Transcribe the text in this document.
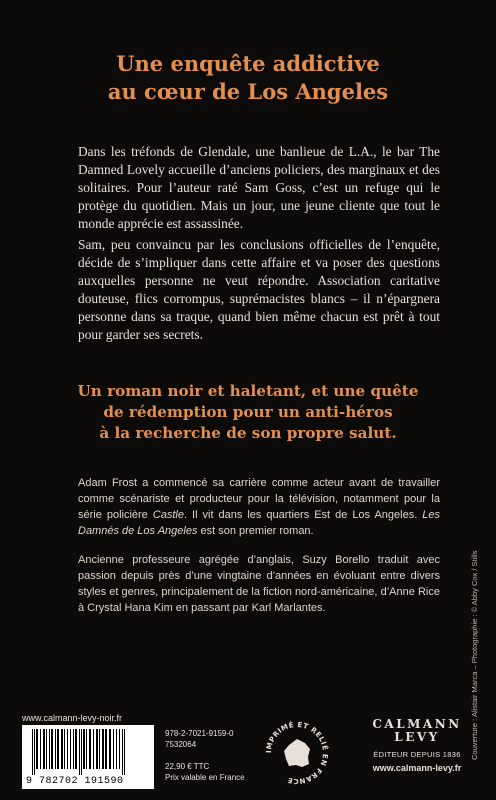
Une enquête addictive
au cœur de Los Angeles

Dans les tréfonds de Glendale, une banlieue de L.A., le bar The Damned Lovely accueille d’anciens policiers, des marginaux et des solitaires. Pour l’auteur raté Sam Goss, c’est un refuge qui le protège du quotidien. Mais un jour, une jeune cliente que tout le monde apprécie est assassinée.

Sam, peu convaincu par les conclusions officielles de l’enquête, décide de s’impliquer dans cette affaire et va poser des questions auxquelles personne ne veut répondre. Association caritative douteuse, flics corrompus, suprémacistes blancs – il n’épargnera personne dans sa traque, quand bien même chacun est prêt à tout pour garder ses secrets.

Un roman noir et haletant, et une quête
de rédemption pour un anti-héros
à la recherche de son propre salut.

Adam Frost a commencé sa carrière comme acteur avant de travailler comme scénariste et producteur pour la télévision, notamment pour la série policière Castle. Il vit dans les quartiers Est de Los Angeles. Les Damnés de Los Angeles est son premier roman.

Ancienne professeure agrégée d’anglais, Suzy Borello traduit avec passion depuis près d’une vingtaine d’années en évoluant entre divers styles et genres, principalement de la fiction nord-américaine, d’Anne Rice à Crystal Hana Kim en passant par Karl Marlantes.	Couverture : Alistair Marca – Photographie : © Abby Cox / Stills
www.calmann-levy-noir.fr
9 782702 191590
978-2-7021-9159-0
7532064
22,90 € TTC
Prix valable en France
IMPRIMÉ ET RELIÉ EN FRANCE
CALMANN
LEVY
ÉDITEUR DEPUIS 1836
www.calmann-levy.fr
